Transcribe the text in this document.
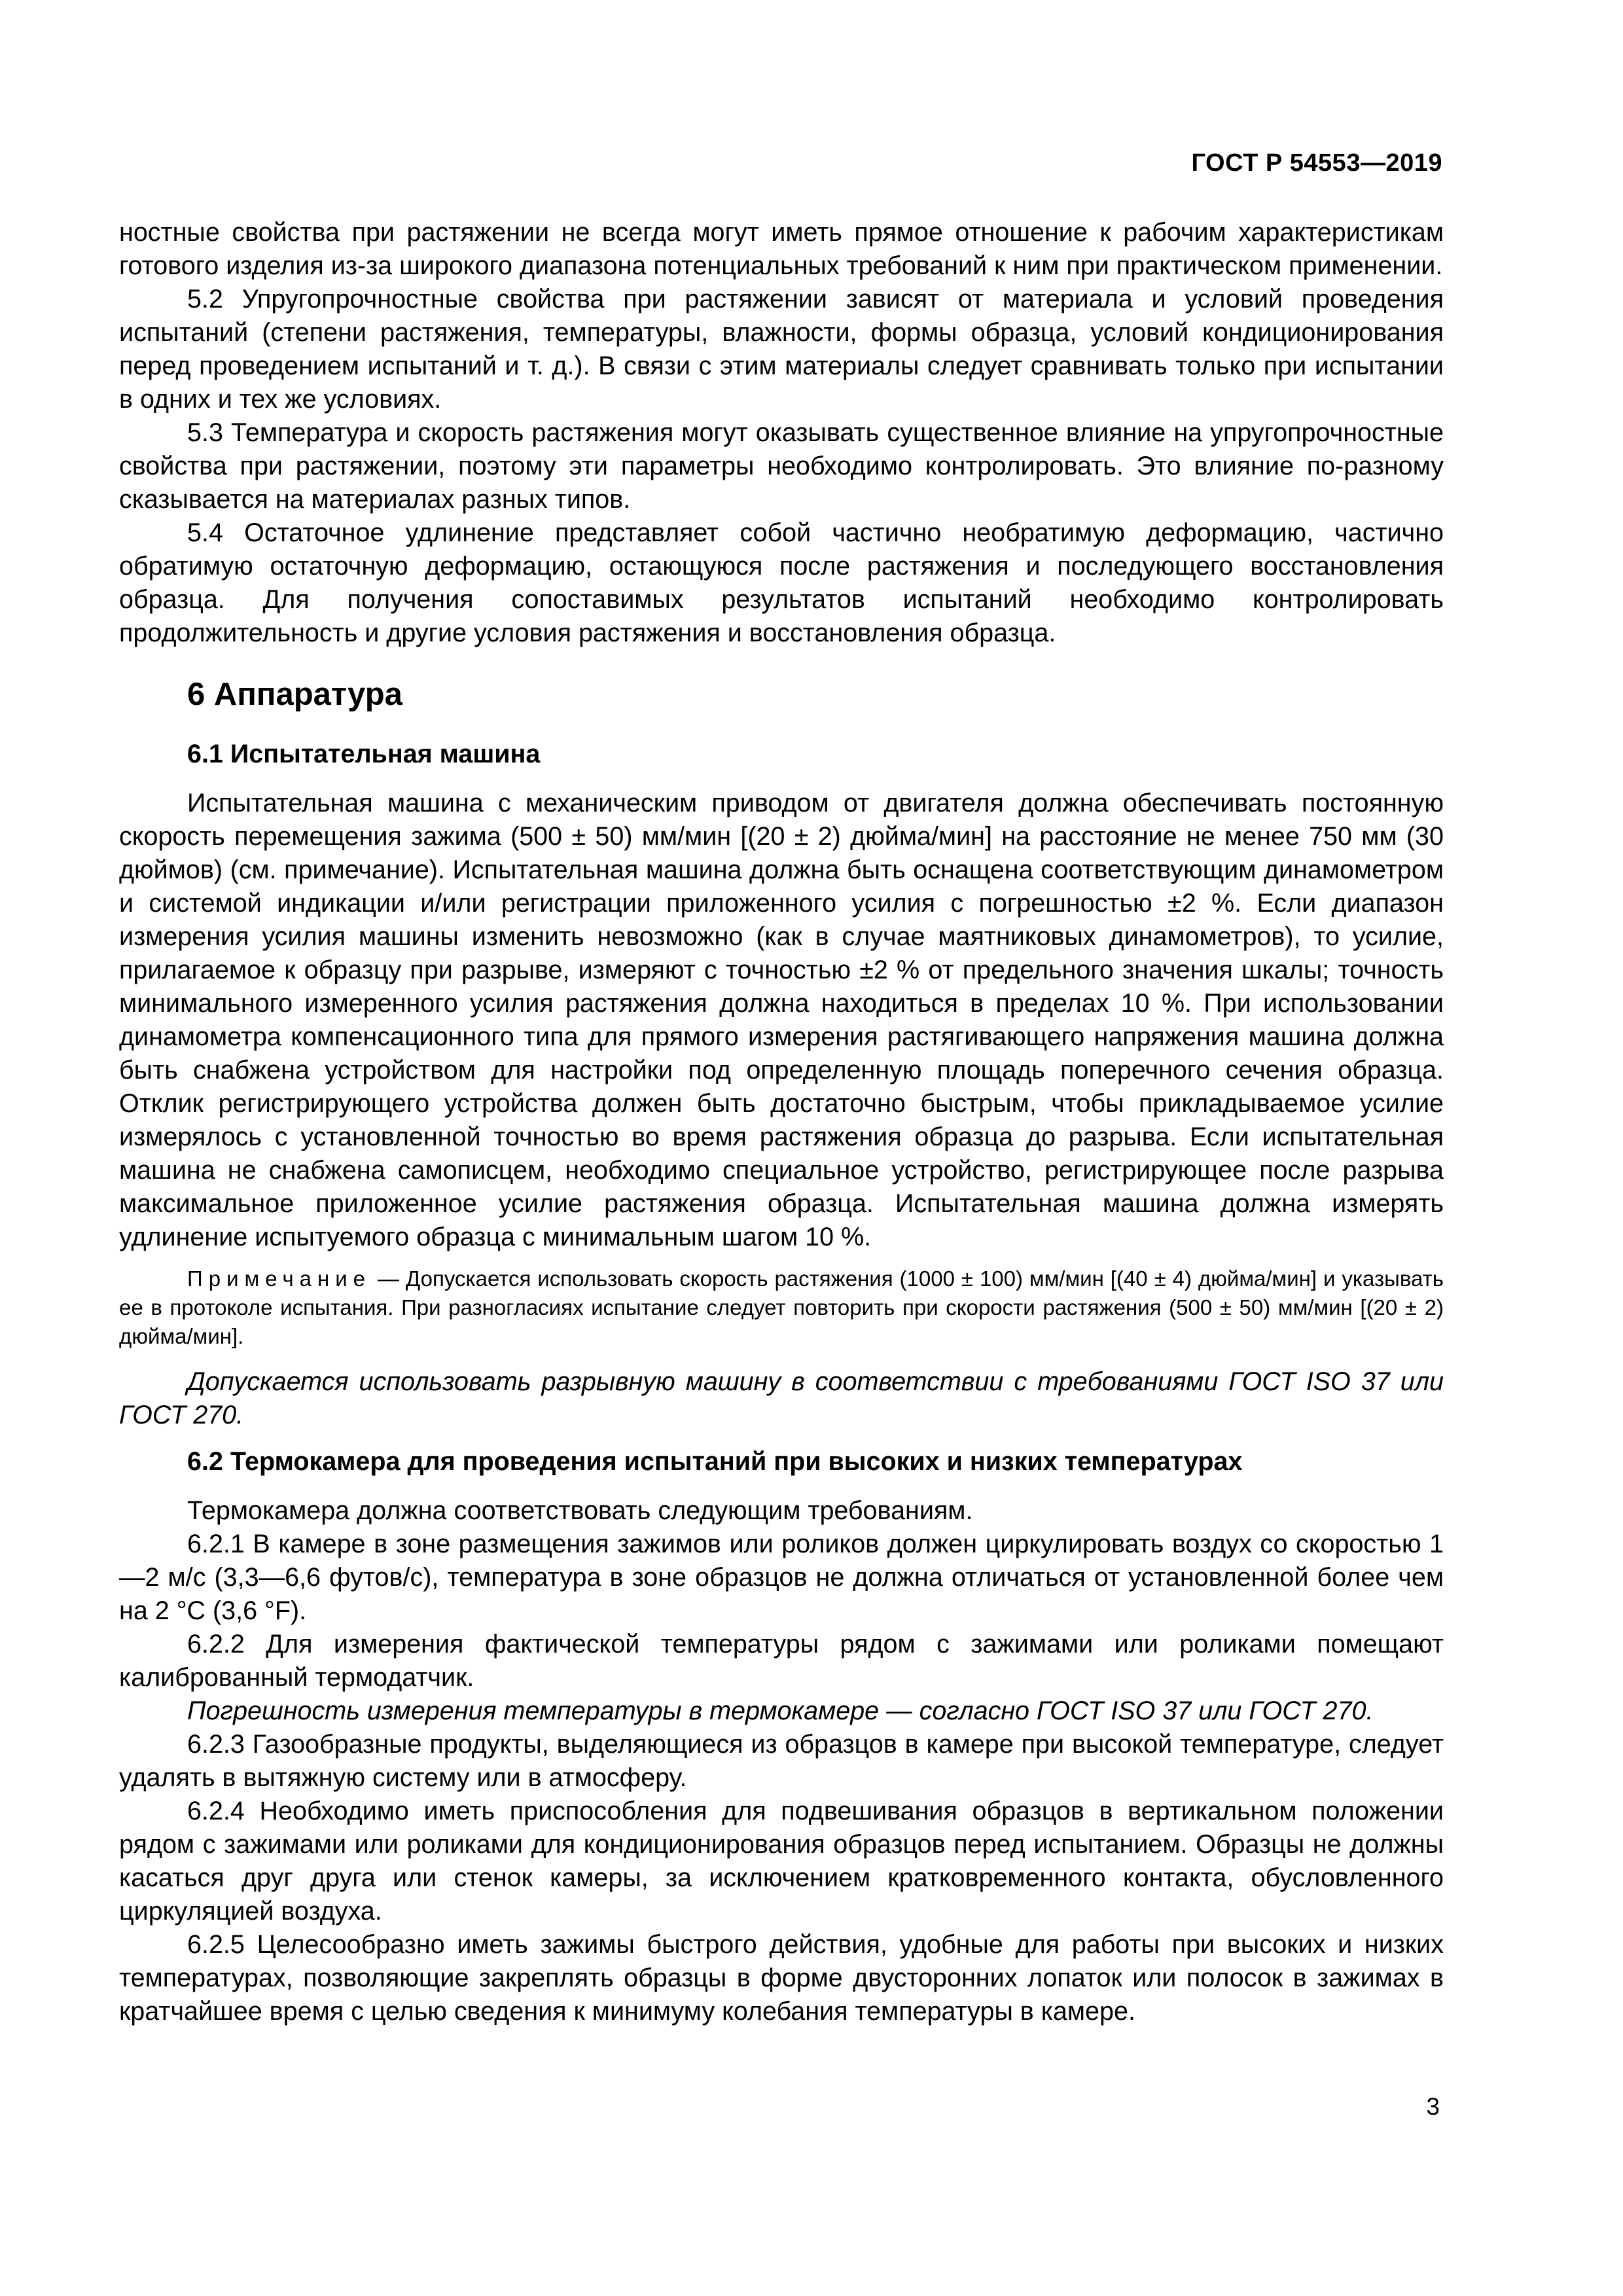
ГОСТ Р 54553—2019

ностные свойства при растяжении не всегда могут иметь прямое отношение к рабочим характеристикам готового изделия из-за широкого диапазона потенциальных требований к ним при практическом применении.

5.2 Упругопрочностные свойства при растяжении зависят от материала и условий проведения испытаний (степени растяжения, температуры, влажности, формы образца, условий кондиционирования перед проведением испытаний и т. д.). В связи с этим материалы следует сравнивать только при испытании в одних и тех же условиях.

5.3 Температура и скорость растяжения могут оказывать существенное влияние на упругопрочностные свойства при растяжении, поэтому эти параметры необходимо контролировать. Это влияние по-разному сказывается на материалах разных типов.

5.4 Остаточное удлинение представляет собой частично необратимую деформацию, частично обратимую остаточную деформацию, остающуюся после растяжения и последующего восстановления образца. Для получения сопоставимых результатов испытаний необходимо контролировать продолжительность и другие условия растяжения и восстановления образца.

6 Аппаратура

6.1 Испытательная машина

Испытательная машина с механическим приводом от двигателя должна обеспечивать постоянную скорость перемещения зажима (500 ± 50) мм/мин [(20 ± 2) дюйма/мин] на расстояние не менее 750 мм (30 дюймов) (см. примечание). Испытательная машина должна быть оснащена соответствующим динамометром и системой индикации и/или регистрации приложенного усилия с погрешностью ±2 %. Если диапазон измерения усилия машины изменить невозможно (как в случае маятниковых динамометров), то усилие, прилагаемое к образцу при разрыве, измеряют с точностью ±2 % от предельного значения шкалы; точность минимального измеренного усилия растяжения должна находиться в пределах 10 %. При использовании динамометра компенсационного типа для прямого измерения растягивающего напряжения машина должна быть снабжена устройством для настройки под определенную площадь поперечного сечения образца. Отклик регистрирующего устройства должен быть достаточно быстрым, чтобы прикладываемое усилие измерялось с установленной точностью во время растяжения образца до разрыва. Если испытательная машина не снабжена самописцем, необходимо специальное устройство, регистрирующее после разрыва максимальное приложенное усилие растяжения образца. Испытательная машина должна измерять удлинение испытуемого образца с минимальным шагом 10 %.

Примечание — Допускается использовать скорость растяжения (1000 ± 100) мм/мин [(40 ± 4) дюйма/мин] и указывать ее в протоколе испытания. При разногласиях испытание следует повторить при скорости растяжения (500 ± 50) мм/мин [(20 ± 2) дюйма/мин].

Допускается использовать разрывную машину в соответствии с требованиями ГОСТ ISO 37 или ГОСТ 270.

6.2 Термокамера для проведения испытаний при высоких и низких температурах

Термокамера должна соответствовать следующим требованиям.

6.2.1 В камере в зоне размещения зажимов или роликов должен циркулировать воздух со скоростью 1—2 м/с (3,3—6,6 футов/с), температура в зоне образцов не должна отличаться от установленной более чем на 2 °С (3,6 °F).

6.2.2 Для измерения фактической температуры рядом с зажимами или роликами помещают калиброванный термодатчик.

Погрешность измерения температуры в термокамере — согласно ГОСТ ISO 37 или ГОСТ 270.

6.2.3 Газообразные продукты, выделяющиеся из образцов в камере при высокой температуре, следует удалять в вытяжную систему или в атмосферу.

6.2.4 Необходимо иметь приспособления для подвешивания образцов в вертикальном положении рядом с зажимами или роликами для кондиционирования образцов перед испытанием. Образцы не должны касаться друг друга или стенок камеры, за исключением кратковременного контакта, обусловленного циркуляцией воздуха.

6.2.5 Целесообразно иметь зажимы быстрого действия, удобные для работы при высоких и низких температурах, позволяющие закреплять образцы в форме двусторонних лопаток или полосок в зажимах в кратчайшее время с целью сведения к минимуму колебания температуры в камере.

3
